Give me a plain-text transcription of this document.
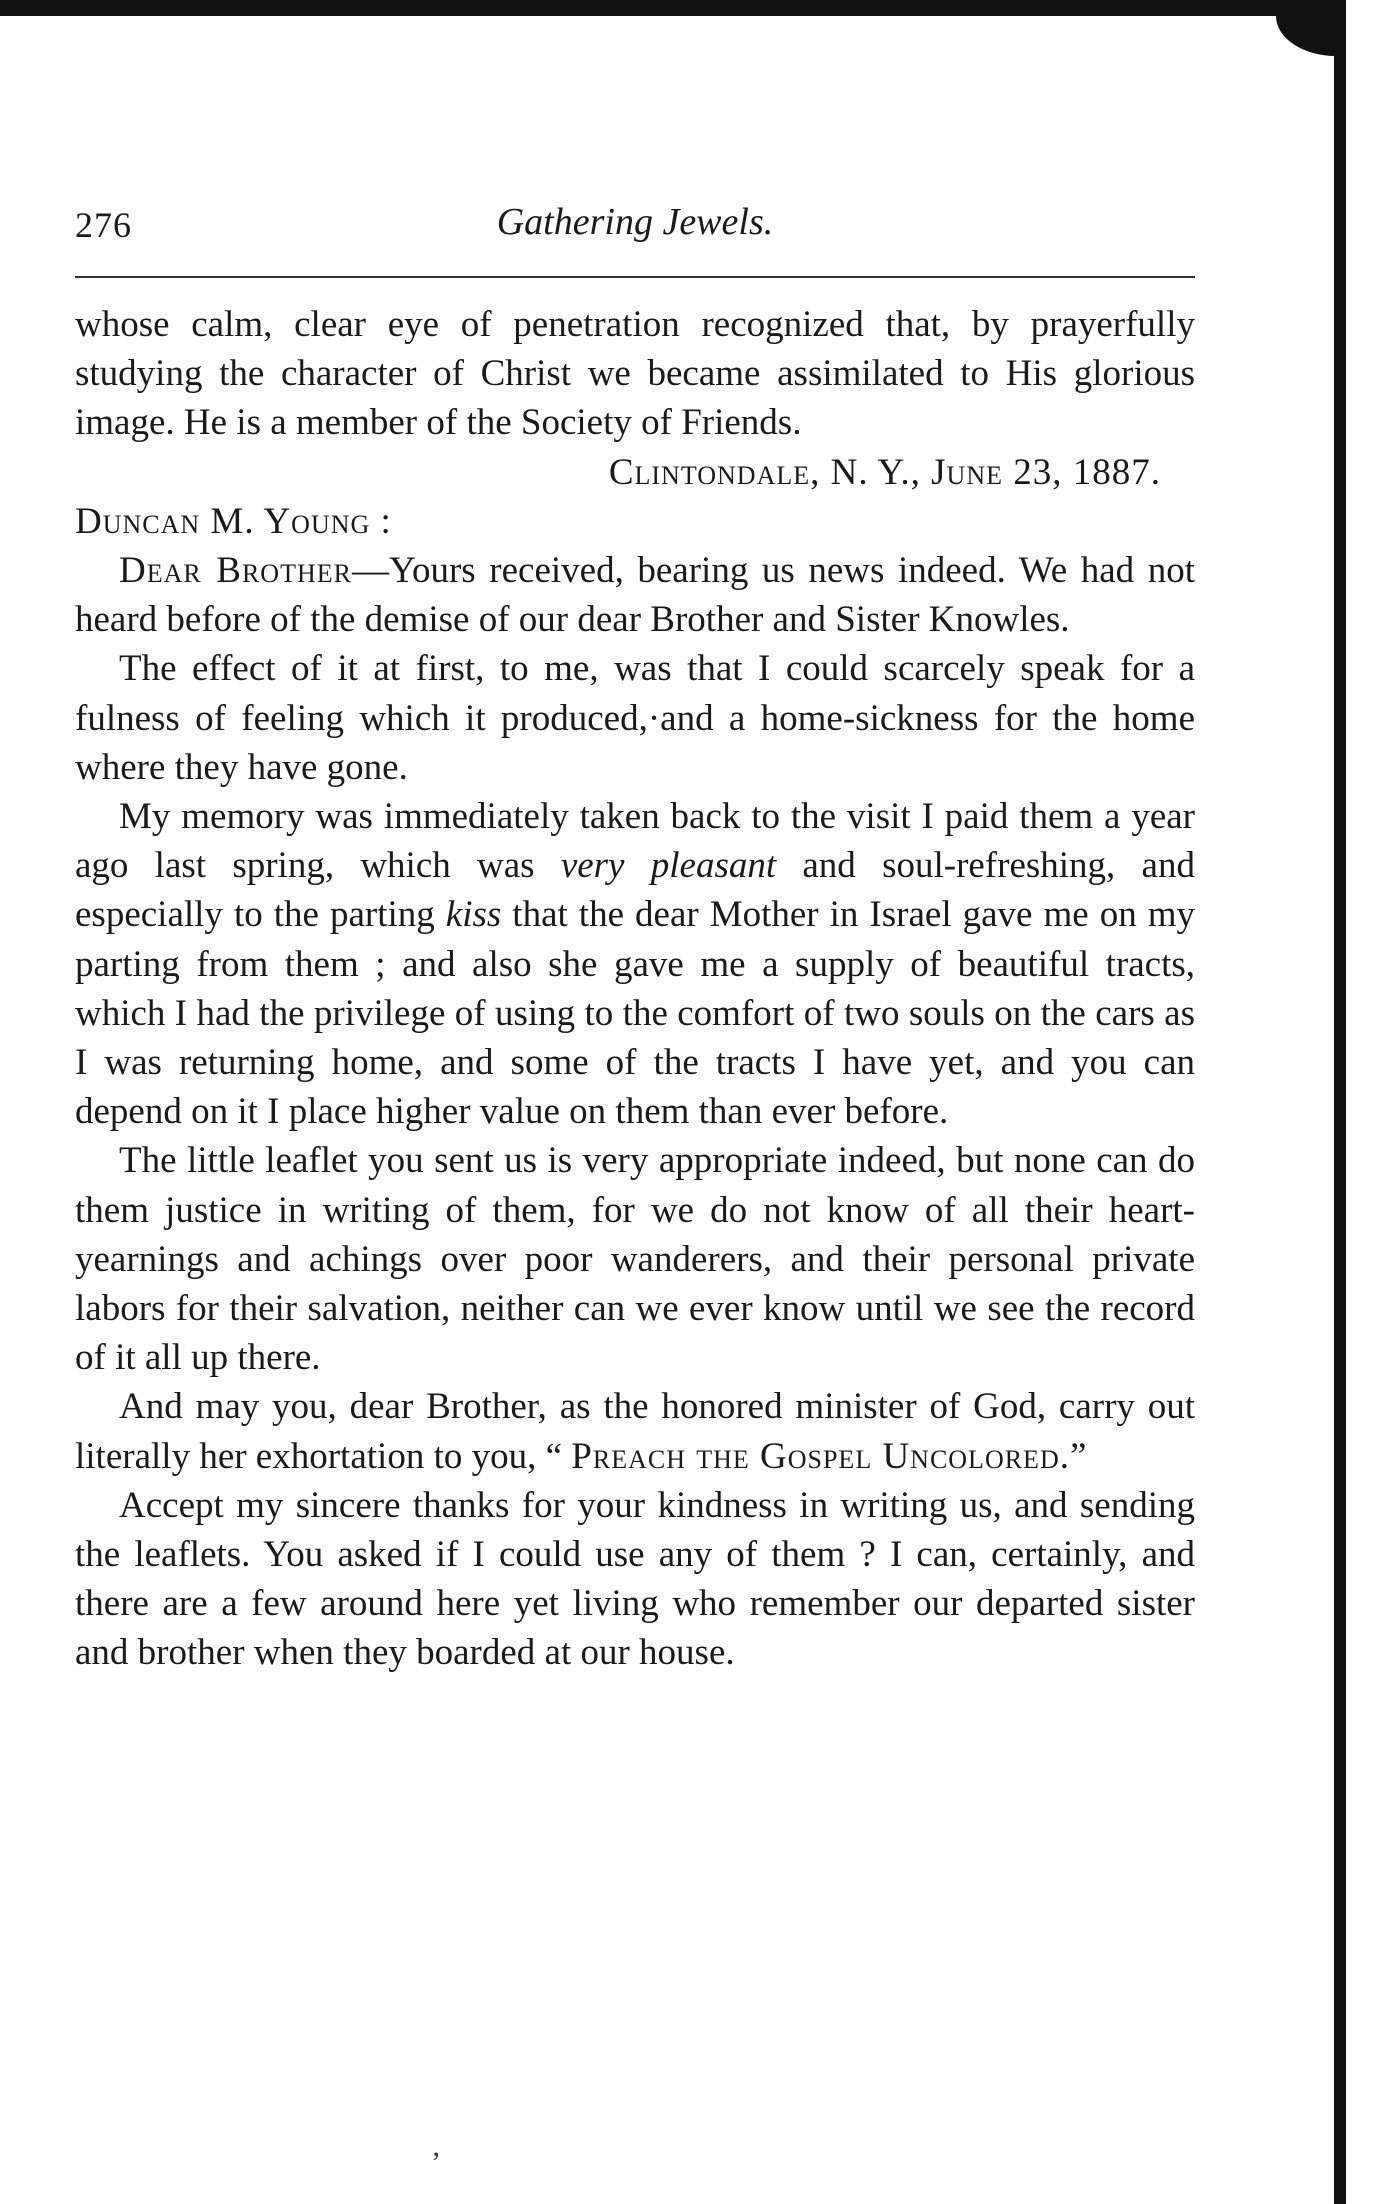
276	Gathering Jewels.

whose calm, clear eye of penetration recognized that, by prayerfully studying the character of Christ we became assimilated to His glorious image. He is a member of the Society of Friends.

Clintondale, N. Y., June 23, 1887.

Duncan M. Young :

Dear Brother—Yours received, bearing us news indeed. We had not heard before of the demise of our dear Brother and Sister Knowles.

The effect of it at first, to me, was that I could scarcely speak for a fulness of feeling which it produced,·and a home-sickness for the home where they have gone.

My memory was immediately taken back to the visit I paid them a year ago last spring, which was very pleasant and soul-refreshing, and especially to the parting kiss that the dear Mother in Israel gave me on my parting from them ; and also she gave me a supply of beautiful tracts, which I had the privilege of using to the comfort of two souls on the cars as I was returning home, and some of the tracts I have yet, and you can depend on it I place higher value on them than ever before.

The little leaflet you sent us is very appropriate indeed, but none can do them justice in writing of them, for we do not know of all their heart-yearnings and achings over poor wanderers, and their personal private labors for their salvation, neither can we ever know until we see the record of it all up there.

And may you, dear Brother, as the honored minister of God, carry out literally her exhortation to you, “ Preach the Gospel Uncolored.”

Accept my sincere thanks for your kindness in writing us, and sending the leaflets. You asked if I could use any of them ? I can, certainly, and there are a few around here yet living who remember our departed sister and brother when they boarded at our house.

’
